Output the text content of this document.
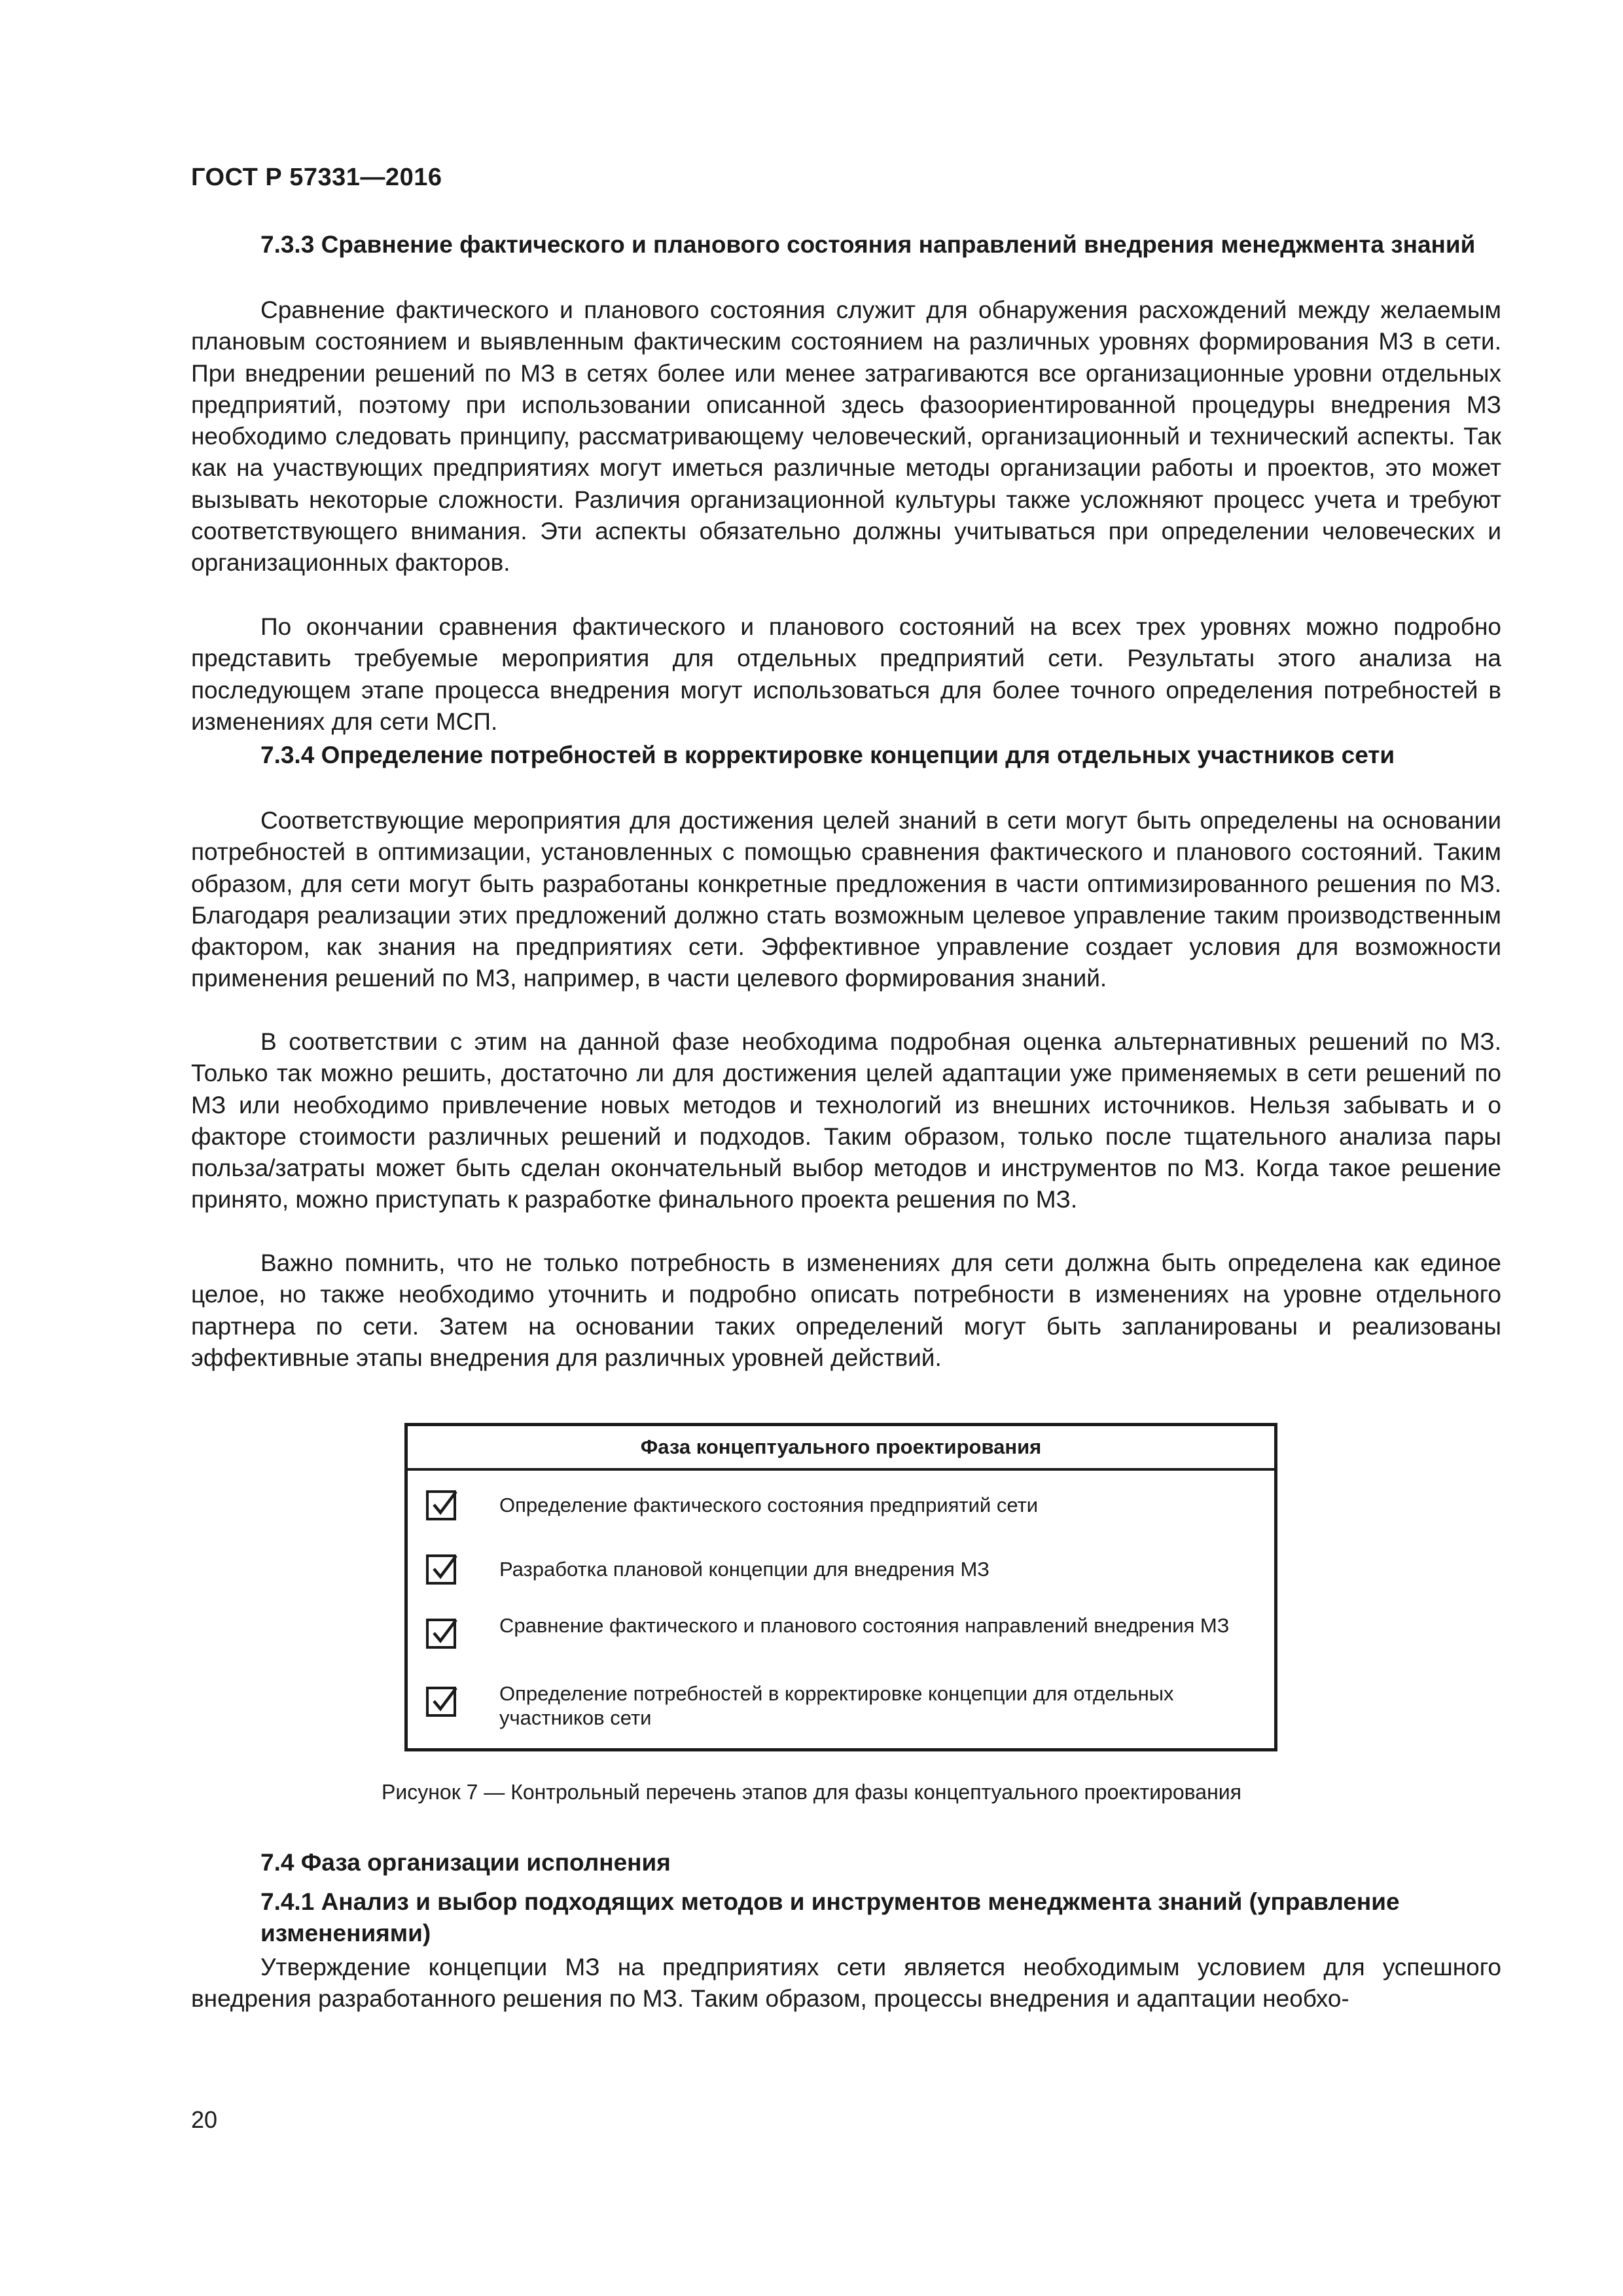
ГОСТ Р 57331—2016

7.3.3 Сравнение фактического и планового состояния направлений внедрения менеджмента знаний

Сравнение фактического и планового состояния служит для обнаружения расхождений между желаемым плановым состоянием и выявленным фактическим состоянием на различных уровнях формирования МЗ в сети. При внедрении решений по МЗ в сетях более или менее затрагиваются все организационные уровни отдельных предприятий, поэтому при использовании описанной здесь фазоориентированной процедуры внедрения МЗ необходимо следовать принципу, рассматривающему человеческий, организационный и технический аспекты. Так как на участвующих предприятиях могут иметься различные методы организации работы и проектов, это может вызывать некоторые сложности. Различия организационной культуры также усложняют процесс учета и требуют соответствующего внимания. Эти аспекты обязательно должны учитываться при определении человеческих и организационных факторов.

По окончании сравнения фактического и планового состояний на всех трех уровнях можно подробно представить требуемые мероприятия для отдельных предприятий сети. Результаты этого анализа на последующем этапе процесса внедрения могут использоваться для более точного определения потребностей в изменениях для сети МСП.

7.3.4 Определение потребностей в корректировке концепции для отдельных участников сети

Соответствующие мероприятия для достижения целей знаний в сети могут быть определены на основании потребностей в оптимизации, установленных с помощью сравнения фактического и планового состояний. Таким образом, для сети могут быть разработаны конкретные предложения в части оптимизированного решения по МЗ. Благодаря реализации этих предложений должно стать возможным целевое управление таким производственным фактором, как знания на предприятиях сети. Эффективное управление создает условия для возможности применения решений по МЗ, например, в части целевого формирования знаний.

В соответствии с этим на данной фазе необходима подробная оценка альтернативных решений по МЗ. Только так можно решить, достаточно ли для достижения целей адаптации уже применяемых в сети решений по МЗ или необходимо привлечение новых методов и технологий из внешних источников. Нельзя забывать и о факторе стоимости различных решений и подходов. Таким образом, только после тщательного анализа пары польза/затраты может быть сделан окончательный выбор методов и инструментов по МЗ. Когда такое решение принято, можно приступать к разработке финального проекта решения по МЗ.

Важно помнить, что не только потребность в изменениях для сети должна быть определена как единое целое, но также необходимо уточнить и подробно описать потребности в изменениях на уровне отдельного партнера по сети. Затем на основании таких определений могут быть запланированы и реализованы эффективные этапы внедрения для различных уровней действий.

Фаза концептуального проектирования
Определение фактического состояния предприятий сети
Разработка плановой концепции для внедрения МЗ
Сравнение фактического и планового состояния направлений внедрения МЗ
Определение потребностей в корректировке концепции для отдельных участников сети
Рисунок 7 — Контрольный перечень этапов для фазы концептуального проектирования

7.4 Фаза организации исполнения

7.4.1 Анализ и выбор подходящих методов и инструментов менеджмента знаний (управление изменениями)

Утверждение концепции МЗ на предприятиях сети является необходимым условием для успешного внедрения разработанного решения по МЗ. Таким образом, процессы внедрения и адаптации необхо-

20
